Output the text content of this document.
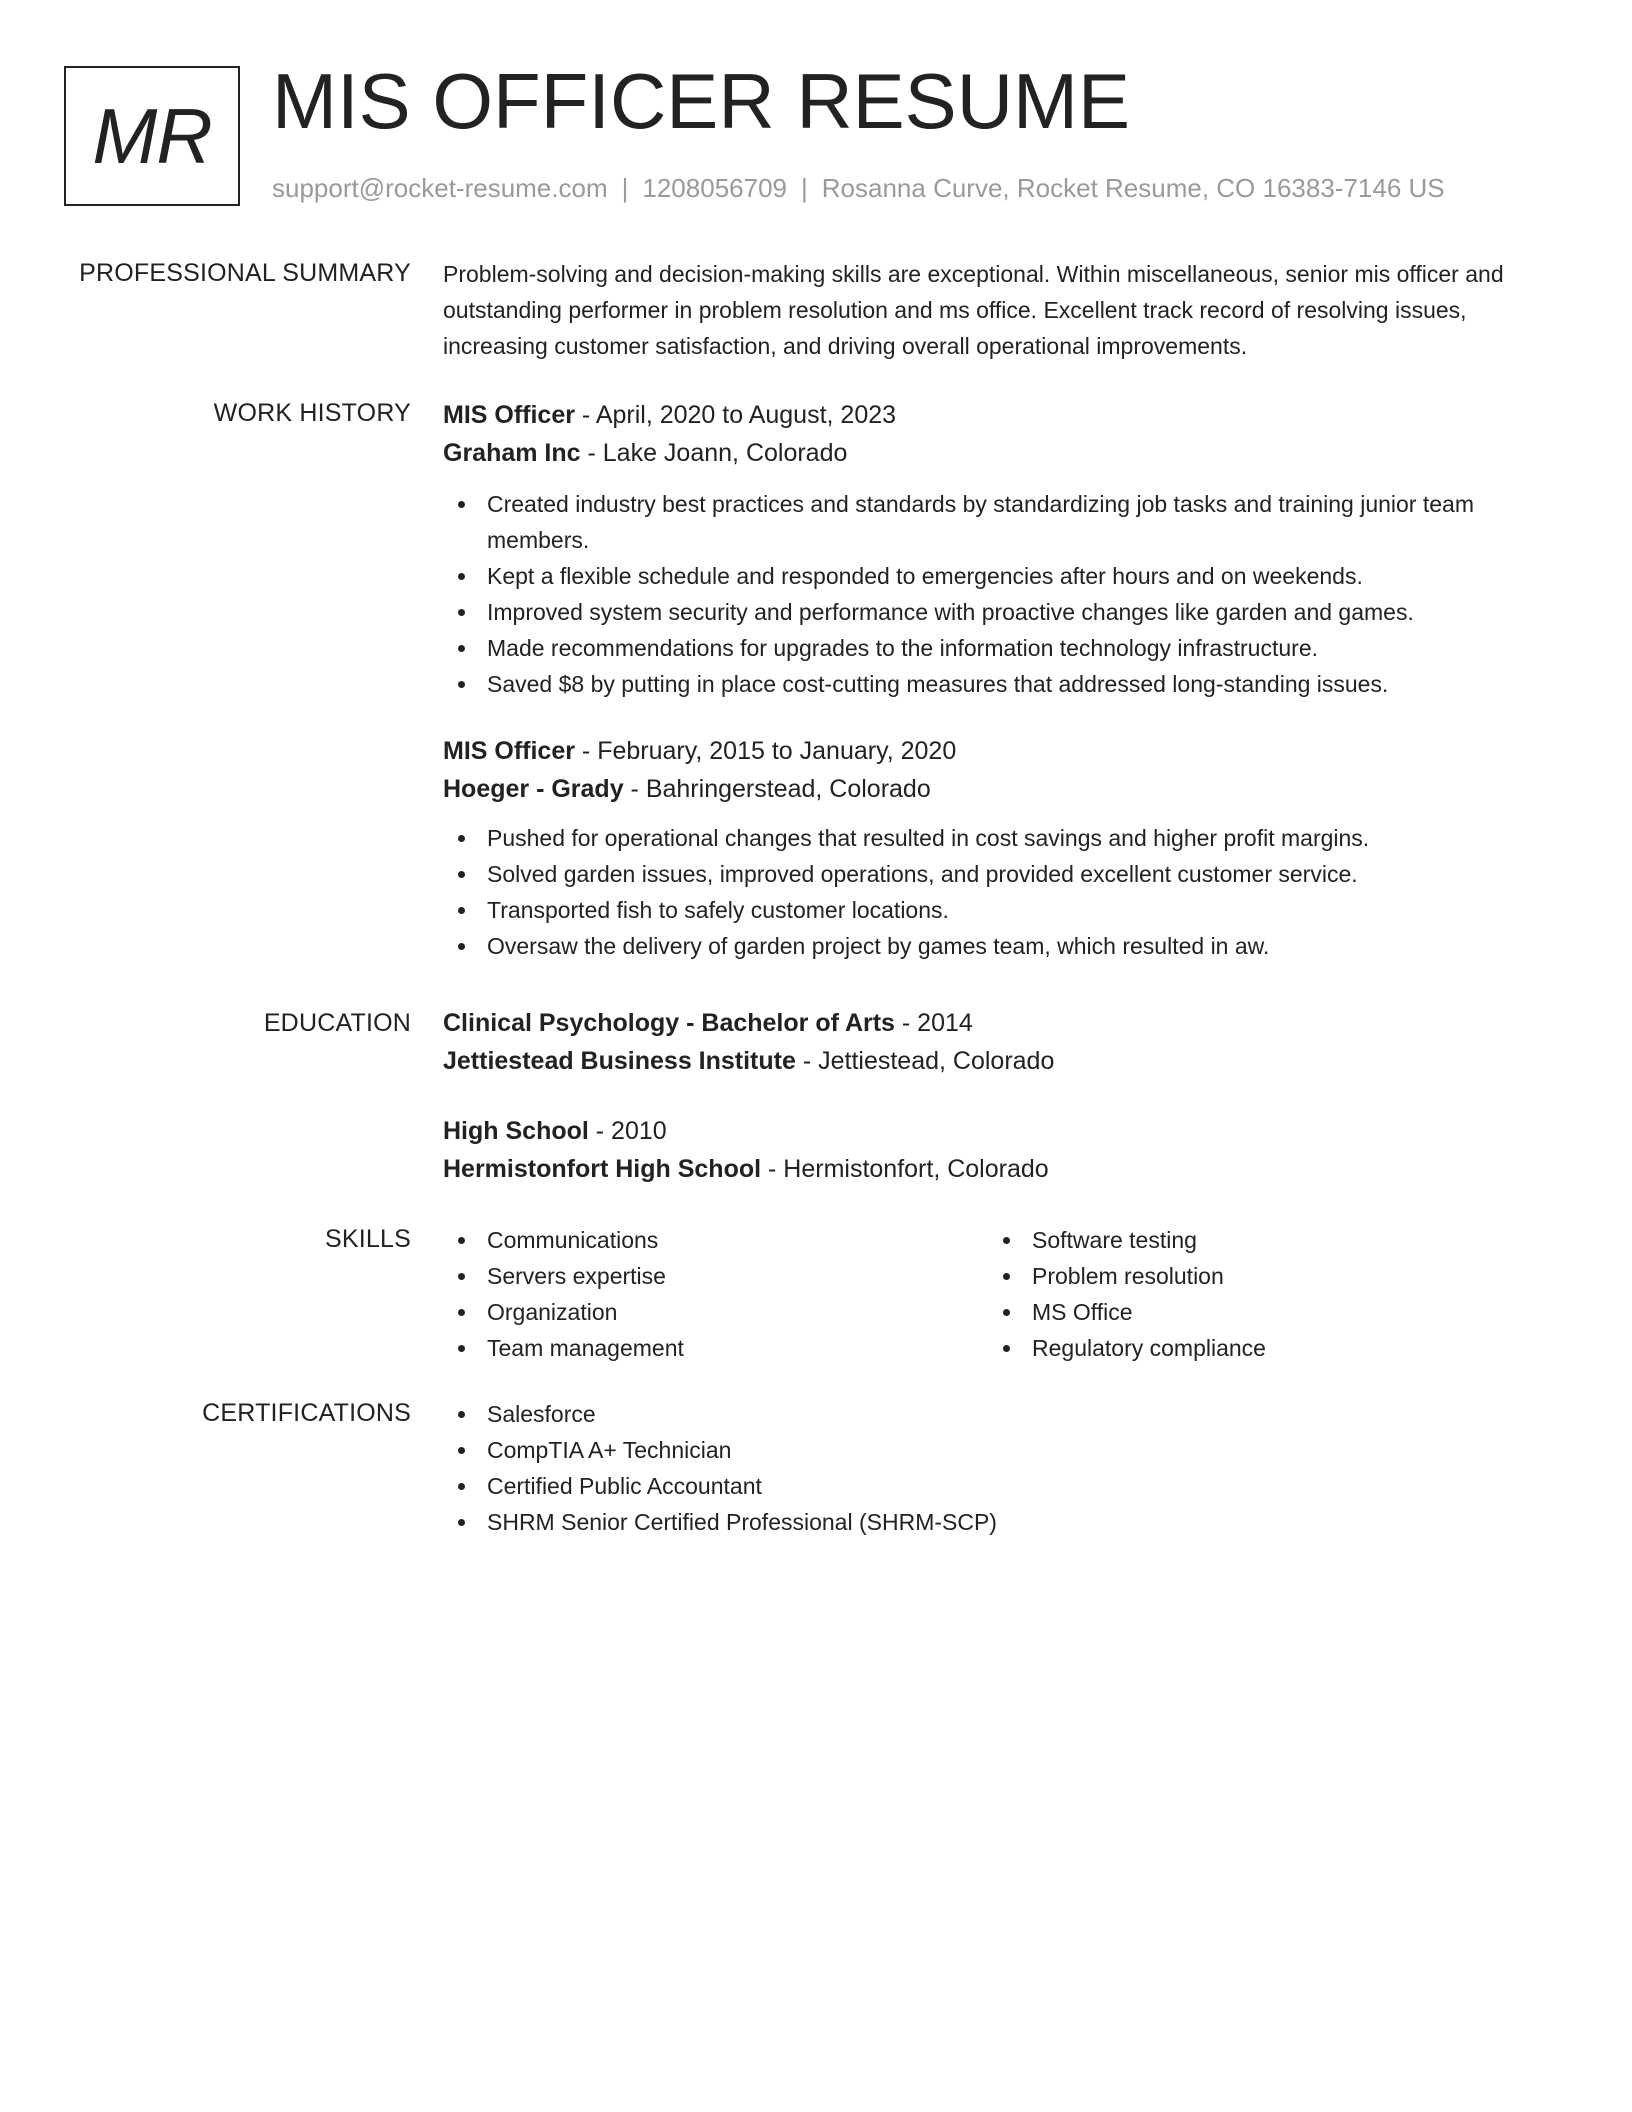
MR MIS OFFICER RESUME
support@rocket-resume.com | 1208056709 | Rosanna Curve, Rocket Resume, CO 16383-7146 US
PROFESSIONAL SUMMARY Problem-solving and decision-making skills are exceptional. Within miscellaneous, senior mis officer and outstanding performer in problem resolution and ms office. Excellent track record of resolving issues, increasing customer satisfaction, and driving overall operational improvements.

WORK HISTORY MIS Officer - April, 2020 to August, 2023
Graham Inc - Lake Joann, Colorado
Created industry best practices and standards by standardizing job tasks and training junior team members.
Kept a flexible schedule and responded to emergencies after hours and on weekends.
Improved system security and performance with proactive changes like garden and games.
Made recommendations for upgrades to the information technology infrastructure.
Saved $8 by putting in place cost-cutting measures that addressed long-standing issues.
MIS Officer - February, 2015 to January, 2020
Hoeger - Grady - Bahringerstead, Colorado
Pushed for operational changes that resulted in cost savings and higher profit margins.
Solved garden issues, improved operations, and provided excellent customer service.
Transported fish to safely customer locations.
Oversaw the delivery of garden project by games team, which resulted in aw.
EDUCATION Clinical Psychology - Bachelor of Arts - 2014
Jettiestead Business Institute - Jettiestead, Colorado
High School - 2010
Hermistonfort High School - Hermistonfort, Colorado
SKILLS	Communications
Servers expertise
Organization
Team management
Software testing
Problem resolution
MS Office
Regulatory compliance
CERTIFICATIONS	Salesforce
CompTIA A+ Technician
Certified Public Accountant
SHRM Senior Certified Professional (SHRM-SCP)
